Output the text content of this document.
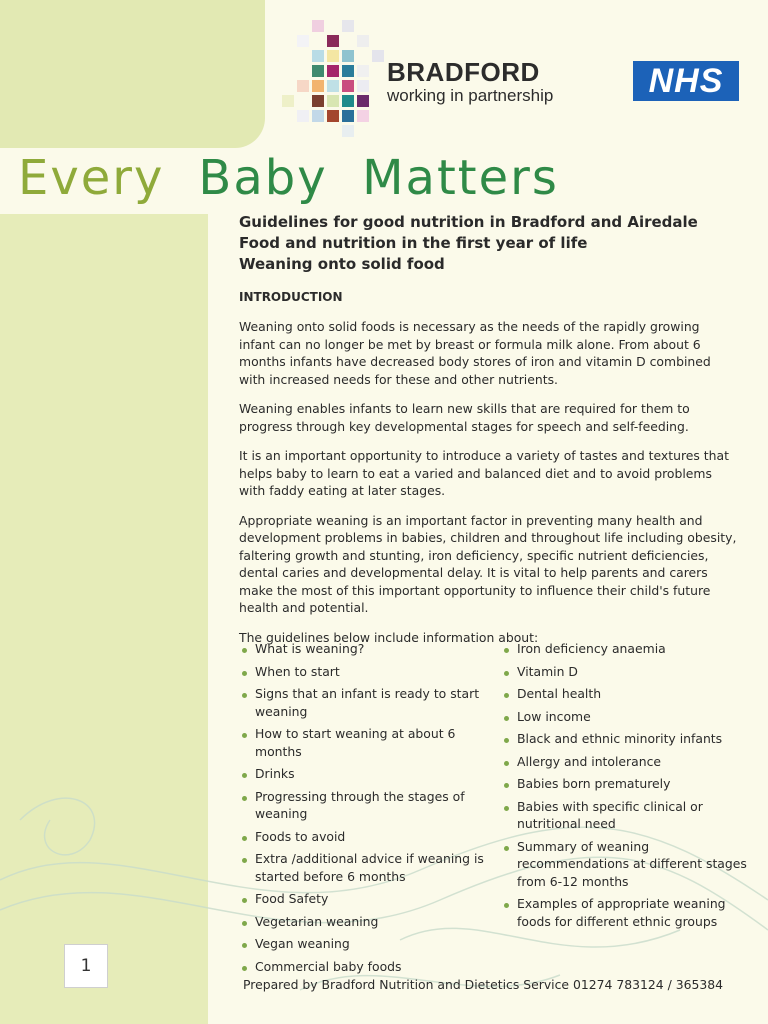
BRADFORD
working in partnership	NHS
Every Baby  Matters

Guidelines for good nutrition in Bradford and Airedale

Food and nutrition in the first year of life

Weaning onto solid food

INTRODUCTION

Weaning onto solid foods is necessary as the needs of the rapidly growing infant can no longer be met by breast or formula milk alone. From about 6 months infants have decreased body stores of iron and vitamin D combined with increased needs for these and other nutrients.

Weaning enables infants to learn new skills that are required for them to progress through key developmental stages for speech and self-feeding.

It is an important opportunity to introduce a variety of tastes and textures that helps baby to learn to eat a varied and balanced diet and to avoid problems with faddy eating at later stages.

Appropriate weaning is an important factor in preventing many health and development problems in babies, children and throughout life including obesity, faltering growth and stunting, iron deficiency, specific nutrient deficiencies, dental caries and developmental delay. It is vital to help parents and carers make the most of this important opportunity to influence their child's future health and potential.

The guidelines below include information about:

What is weaning?
When to start
Signs that an infant is ready to start weaning
How to start weaning at about 6 months
Drinks
Progressing through the stages of weaning
Foods to avoid
Extra /additional advice if weaning is started before 6 months
Food Safety
Vegetarian weaning
Vegan weaning
Commercial baby foods
Iron deficiency anaemia
Vitamin D
Dental health
Low income
Black and ethnic minority infants
Allergy and intolerance
Babies born prematurely
Babies with specific clinical or nutritional need
Summary of weaning recommendations at different stages from 6-12 months
Examples of appropriate weaning foods for different ethnic groups
1
Prepared by Bradford Nutrition and Dietetics Service 01274 783124 / 365384
